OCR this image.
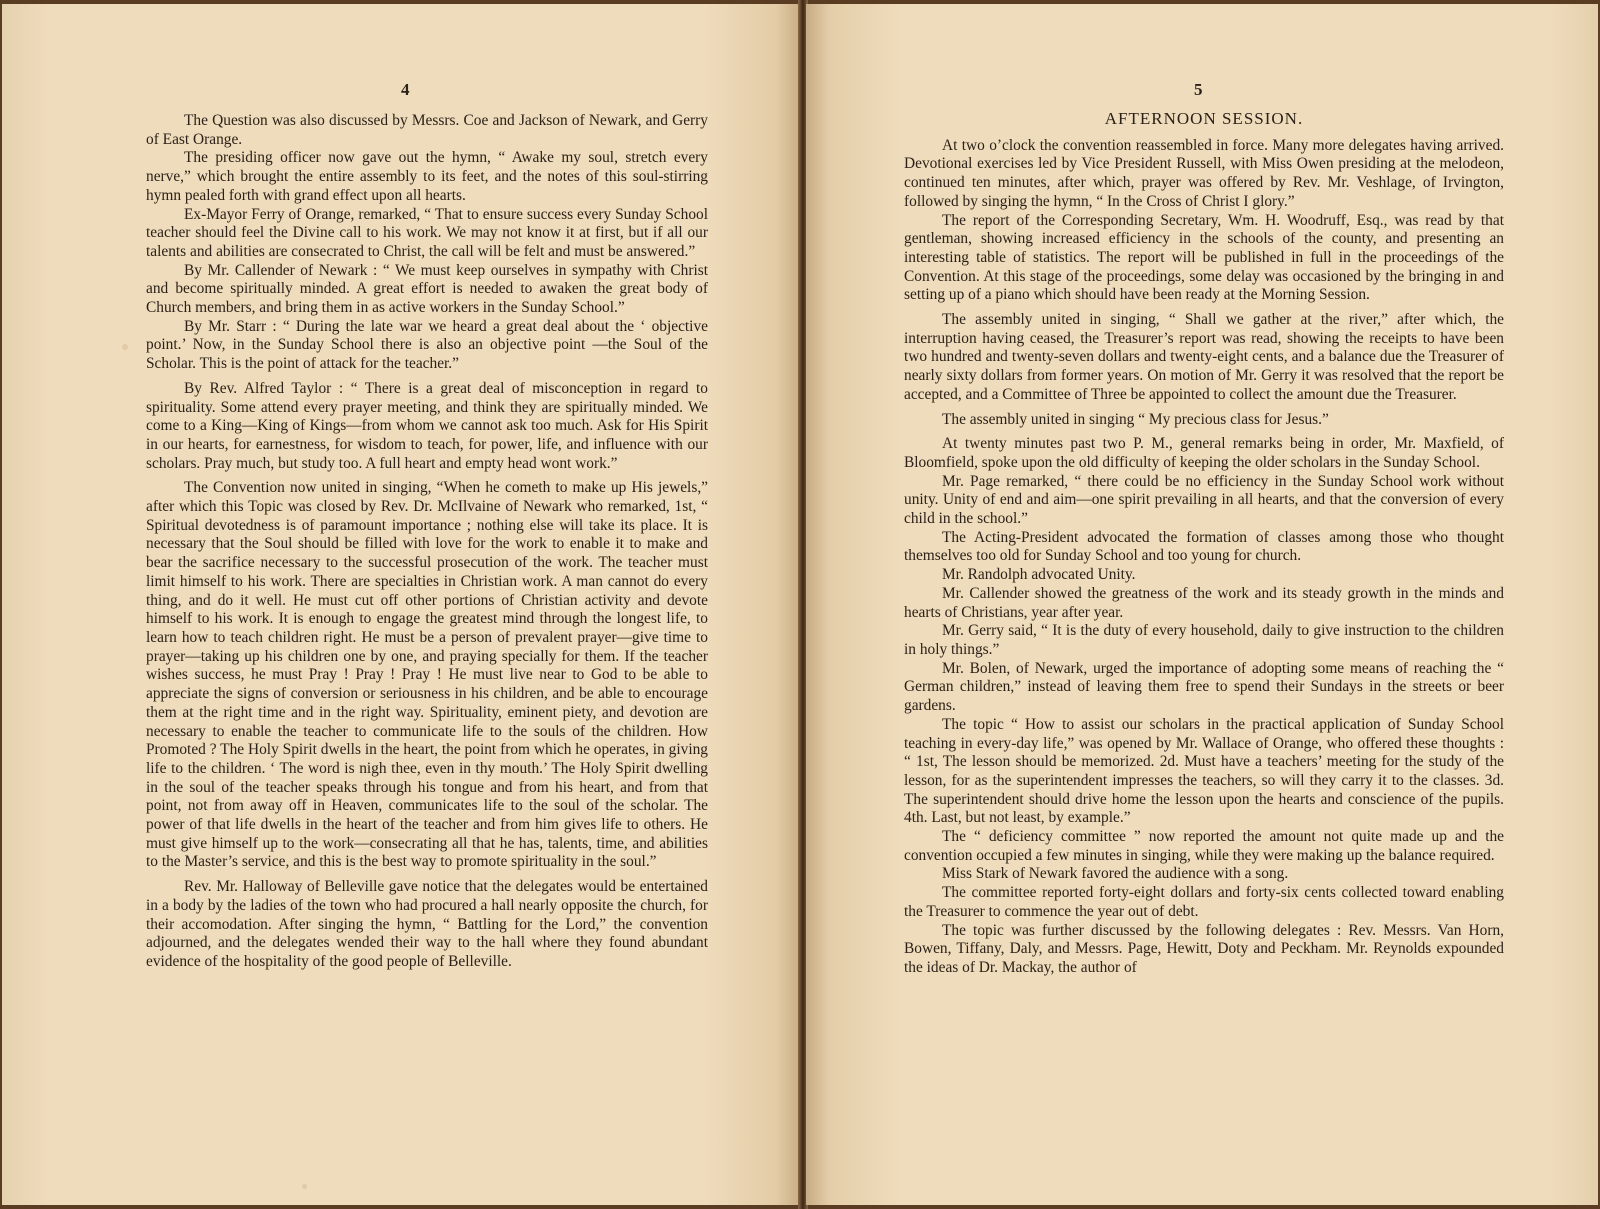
4

The Question was also discussed by Messrs. Coe and Jackson of Newark, and Gerry of East Orange.

The presiding officer now gave out the hymn, “ Awake my soul, stretch every nerve,” which brought the entire assembly to its feet, and the notes of this soul-stirring hymn pealed forth with grand effect upon all hearts.

Ex-Mayor Ferry of Orange, remarked, “ That to ensure success every Sunday School teacher should feel the Divine call to his work. We may not know it at first, but if all our talents and abilities are consecrated to Christ, the call will be felt and must be answered.”

By Mr. Callender of Newark : “ We must keep ourselves in sympathy with Christ and become spiritually minded. A great effort is needed to awaken the great body of Church members, and bring them in as active workers in the Sunday School.”

By Mr. Starr : “ During the late war we heard a great deal about the ‘ objective point.’ Now, in the Sunday School there is also an objective point —the Soul of the Scholar. This is the point of attack for the teacher.”

By Rev. Alfred Taylor : “ There is a great deal of misconception in regard to spirituality. Some attend every prayer meeting, and think they are spiritually minded. We come to a King—King of Kings—from whom we cannot ask too much. Ask for His Spirit in our hearts, for earnestness, for wisdom to teach, for power, life, and influence with our scholars. Pray much, but study too. A full heart and empty head wont work.”

The Convention now united in singing, “When he cometh to make up His jewels,” after which this Topic was closed by Rev. Dr. McIlvaine of Newark who remarked, 1st, “ Spiritual devotedness is of paramount importance ; nothing else will take its place. It is necessary that the Soul should be filled with love for the work to enable it to make and bear the sacrifice necessary to the successful prosecution of the work. The teacher must limit himself to his work. There are specialties in Christian work. A man cannot do every thing, and do it well. He must cut off other portions of Christian activity and devote himself to his work. It is enough to engage the greatest mind through the longest life, to learn how to teach children right. He must be a person of prevalent prayer—give time to prayer—taking up his children one by one, and praying specially for them. If the teacher wishes success, he must Pray ! Pray ! Pray ! He must live near to God to be able to appreciate the signs of conversion or seriousness in his children, and be able to encourage them at the right time and in the right way. Spirituality, eminent piety, and devotion are necessary to enable the teacher to communicate life to the souls of the children. How Promoted ? The Holy Spirit dwells in the heart, the point from which he operates, in giving life to the children. ‘ The word is nigh thee, even in thy mouth.’ The Holy Spirit dwelling in the soul of the teacher speaks through his tongue and from his heart, and from that point, not from away off in Heaven, communicates life to the soul of the scholar. The power of that life dwells in the heart of the teacher and from him gives life to others. He must give himself up to the work—consecrating all that he has, talents, time, and abilities to the Master’s service, and this is the best way to promote spirituality in the soul.”

Rev. Mr. Halloway of Belleville gave notice that the delegates would be entertained in a body by the ladies of the town who had procured a hall nearly opposite the church, for their accomodation. After singing the hymn, “ Battling for the Lord,” the convention adjourned, and the delegates wended their way to the hall where they found abundant evidence of the hospitality of the good people of Belleville.

5

AFTERNOON SESSION.

At two o’clock the convention reassembled in force. Many more delegates having arrived. Devotional exercises led by Vice President Russell, with Miss Owen presiding at the melodeon, continued ten minutes, after which, prayer was offered by Rev. Mr. Veshlage, of Irvington, followed by singing the hymn, “ In the Cross of Christ I glory.”

The report of the Corresponding Secretary, Wm. H. Woodruff, Esq., was read by that gentleman, showing increased efficiency in the schools of the county, and presenting an interesting table of statistics. The report will be published in full in the proceedings of the Convention. At this stage of the proceedings, some delay was occasioned by the bringing in and setting up of a piano which should have been ready at the Morning Session.

The assembly united in singing, “ Shall we gather at the river,” after which, the interruption having ceased, the Treasurer’s report was read, showing the receipts to have been two hundred and twenty-seven dollars and twenty-eight cents, and a balance due the Treasurer of nearly sixty dollars from former years. On motion of Mr. Gerry it was resolved that the report be accepted, and a Committee of Three be appointed to collect the amount due the Treasurer.

The assembly united in singing “ My precious class for Jesus.”

At twenty minutes past two P. M., general remarks being in order, Mr. Maxfield, of Bloomfield, spoke upon the old difficulty of keeping the older scholars in the Sunday School.

Mr. Page remarked, “ there could be no efficiency in the Sunday School work without unity. Unity of end and aim—one spirit prevailing in all hearts, and that the conversion of every child in the school.”

The Acting-President advocated the formation of classes among those who thought themselves too old for Sunday School and too young for church.

Mr. Randolph advocated Unity.

Mr. Callender showed the greatness of the work and its steady growth in the minds and hearts of Christians, year after year.

Mr. Gerry said, “ It is the duty of every household, daily to give instruction to the children in holy things.”

Mr. Bolen, of Newark, urged the importance of adopting some means of reaching the “ German children,” instead of leaving them free to spend their Sundays in the streets or beer gardens.

The topic “ How to assist our scholars in the practical application of Sunday School teaching in every-day life,” was opened by Mr. Wallace of Orange, who offered these thoughts : “ 1st, The lesson should be memorized. 2d. Must have a teachers’ meeting for the study of the lesson, for as the superintendent impresses the teachers, so will they carry it to the classes. 3d. The superintendent should drive home the lesson upon the hearts and conscience of the pupils. 4th. Last, but not least, by example.”

The “ deficiency committee ” now reported the amount not quite made up and the convention occupied a few minutes in singing, while they were making up the balance required.

Miss Stark of Newark favored the audience with a song.

The committee reported forty-eight dollars and forty-six cents collected toward enabling the Treasurer to commence the year out of debt.

The topic was further discussed by the following delegates : Rev. Messrs. Van Horn, Bowen, Tiffany, Daly, and Messrs. Page, Hewitt, Doty and Peckham. Mr. Reynolds expounded the ideas of Dr. Mackay, the author of
